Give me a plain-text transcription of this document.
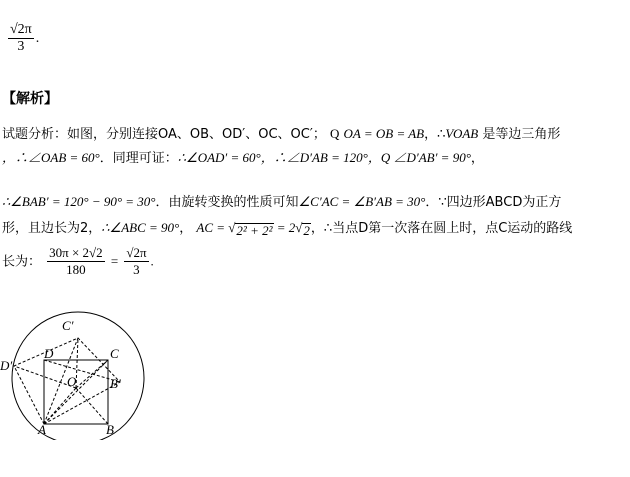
$\frac{√2\pi}{3}$ .
【解析】
试题分析：如图，分别连接OA、OB、OD′、OC、OC′； Q OA = OB = AB，∴VOAB 是等边三角形
，∴∠OAB = 60°．同理可证：∴∠OAD′ = 60°，∴∠D′AB = 120°，Q ∠D′AB′ = 90°，
∴∠BAB′ = 120° − 90° = 30°．由旋转变换的性质可知∠C′AC = ∠B′AB = 30°．∵四边形ABCD为正方
形，且边长为2，∴∠ABC = 90°， AC = √ 2² + 2² = 2 √ 2 ，∴当点D第一次落在圆上时，点C运动的路线
长为： $\frac{30\pi \times 2√2}{180} = \frac{√2\pi}{3}$ .
C′
D	C
D′
O	B′
A	B
